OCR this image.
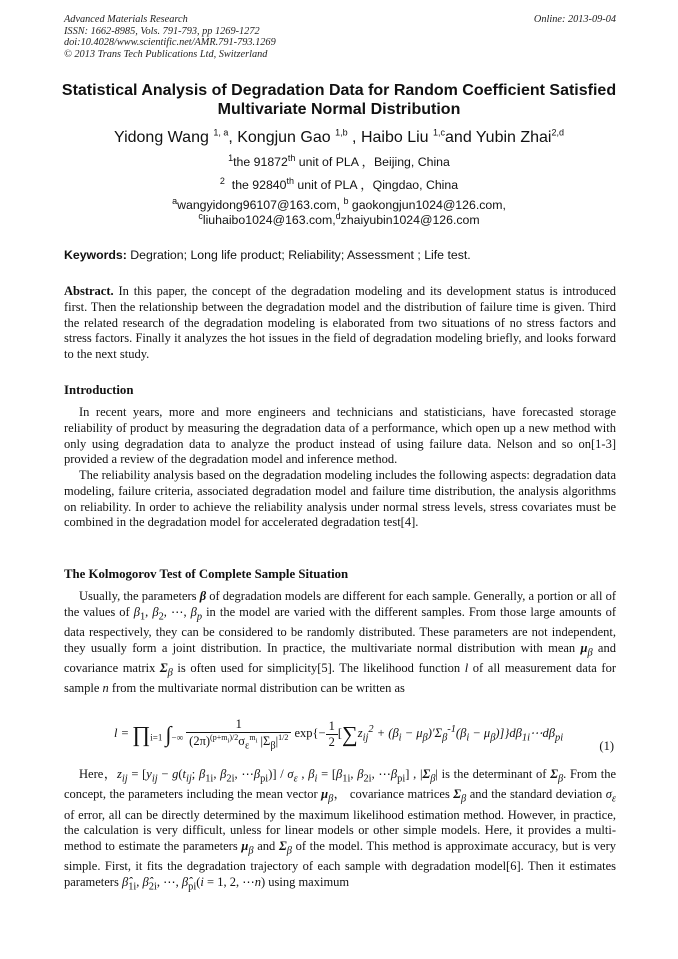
Advanced Materials Research
ISSN: 1662-8985, Vols. 791-793, pp 1269-1272
doi:10.4028/www.scientific.net/AMR.791-793.1269
© 2013 Trans Tech Publications Ltd, Switzerland
Online: 2013-09-04
Statistical Analysis of Degradation Data for Random Coefficient Satisfied
Multivariate Normal Distribution
Yidong Wang $^{1, a}$, Kongjun Gao $^{1,b}$ , Haibo Liu $^{1,c}$and Yubin Zhai$^{2,d}$
$^1$the 91872th unit of PLA ，Beijing, China
$^2$ the 92840th unit of PLA ，Qingdao, China
$^a$wangyidong96107@163.com, $^b$ gaokongjun1024@126.com,
$^c$liuhaibo1024@163.com,$^d$zhaiyubin1024@126.com
Keywords: Degration; Long life product; Reliability; Assessment ; Life test.
Abstract. In this paper, the concept of the degradation modeling and its development status is introduced first. Then the relationship between the degradation model and the distribution of failure time is given. Third the related research of the degradation modeling is elaborated from two situations of no stress factors and stress factors. Finally it analyzes the hot issues in the field of degradation modeling briefly, and looks forward to the next study.
Introduction
In recent years, more and more engineers and technicians and statisticians, have forecasted storage reliability of product by measuring the degradation data of a performance, which open up a new method with only using degradation data to analyze the product instead of using failure data. Nelson and so on[1-3] provided a review of the degradation model and inference method.
The reliability analysis based on the degradation modeling includes the following aspects: degradation data modeling, failure criteria, associated degradation model and failure time distribution, the analysis algorithms on reliability. In order to achieve the reliability analysis under normal stress levels, stress covariates must be combined in the degradation model for accelerated degradation test[4].
The Kolmogorov Test of Complete Sample Situation
Usually, the parameters β of degradation models are different for each sample. Generally, a portion or all of the values of $\beta_1$, $\beta_2$, ⋯, $\beta_p$ in the model are varied with the different samples. From those large amounts of data respectively, they can be considered to be randomly distributed. These parameters are not independent, they usually form a joint distribution. In practice, the multivariate normal distribution with mean $\mu_\beta$ and covariance matrix $\Sigma_\beta$ is often used for simplicity[5]. The likelihood function l of all measurement data for sample n from the multivariate normal distribution can be written as
$l = \prod_{i=1}$ $\int_{-\infty} \frac{1}{(2\pi)^{(p+m_i)/2}\sigma_\varepsilon^{m_i} |\Sigma_\beta|^{1/2}} \exp\{- \frac{1}{2} [\sum z_{ij}^2 + (\beta_i - \mu_\beta)'\Sigma_\beta^{-1}(\beta_i$ − $\mu_\beta)]\}d\beta_{1i}\cdots d\beta_{pi}$
(1)
Here，$z_{ij} = [y_{ij} - g(t_{ij}$; $\beta_{1i}$, $\beta_{2i}$, $\cdots\beta_{pi})] / \sigma_\varepsilon$ , $\beta_i = [\beta_{1i}$, $\beta_{2i}$, $\cdots\beta_{pi}$] , $|\Sigma_\beta|$ is the determinant of $\Sigma_\beta$. From the concept, the parameters including the mean vector $\mu_\beta$， covariance matrices $\Sigma_\beta$ and the standard deviation $\sigma_\varepsilon$ of error, all can be directly determined by the maximum likelihood estimation method. However, in practice, the calculation is very difficult, unless for linear models or other simple models. Here, it provides a multi-method to estimate the parameters $\mu_\beta$ and $\Sigma_\beta$ of the model. This method is approximate accuracy, but is very simple. First, it fits the degradation trajectory of each sample with degradation model[6]. Then it estimates parameters $\betâ_{1i}$, $\betâ_{2i}$, ⋯, $\betâ_{pi}(i = 1$, 2, ⋯n) using maximum
